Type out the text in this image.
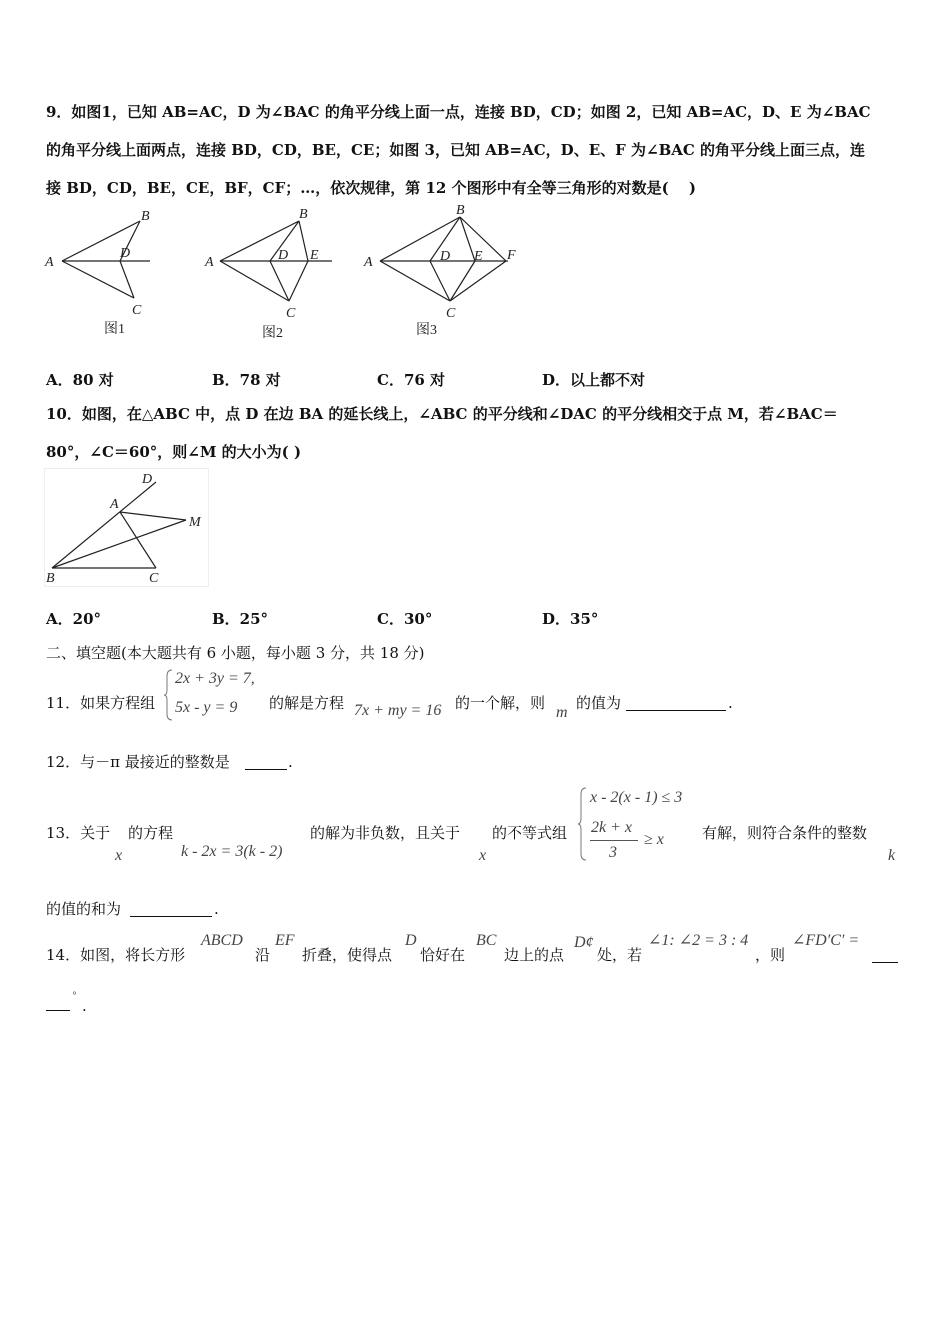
9．如图1，已知 AB=AC，D 为∠BAC 的角平分线上面一点，连接 BD，CD；如图 2，已知 AB=AC，D、E 为∠BAC
的角平分线上面两点，连接 BD，CD，BE，CE；如图 3，已知 AB=AC，D、E、F 为∠BAC 的角平分线上面三点，连
接 BD，CD，BE，CE，BF，CF；…，依次规律，第 12 个图形中有全等三角形的对数是(　 )
A
B
D
C
A
B
D E
C
A
B
D E F
C
图1	图2	图3
A．80 对	B．78 对	C．76 对	D．以上都不对
10．如图，在△ABC 中，点 D 在边 BA 的延长线上，∠ABC 的平分线和∠DAC 的平分线相交于点 M，若∠BAC＝
80°，∠C＝60°，则∠M 的大小为( )
A
D
M
B	C
A．20°	B．25°	C．30°	D．35°
二、填空题(本大题共有 6 小题，每小题 3 分，共 18 分)
11．如果方程组
2x + 3y = 7,
5x - y = 9 的解是方程 7x + my = 16 的一个解，则
m
的值为	.
12．与－π 最接近的整数是	.
13．关于
x
的方程
k - 2x = 3(k - 2)
的解为非负数，且关于
x
的不等式组
x - 2(x - 1) ≤ 3
2k + x
3
≥ x	有解，则符合条件的整数
k
的值的和为	.
14．如图，将长方形
ABCD
沿
EF
折叠，使得点
D
恰好在
BC
边上的点
D¢
处，若
∠1: ∠2 = 3 : 4
，则
∠FD′C′ =
°
.
